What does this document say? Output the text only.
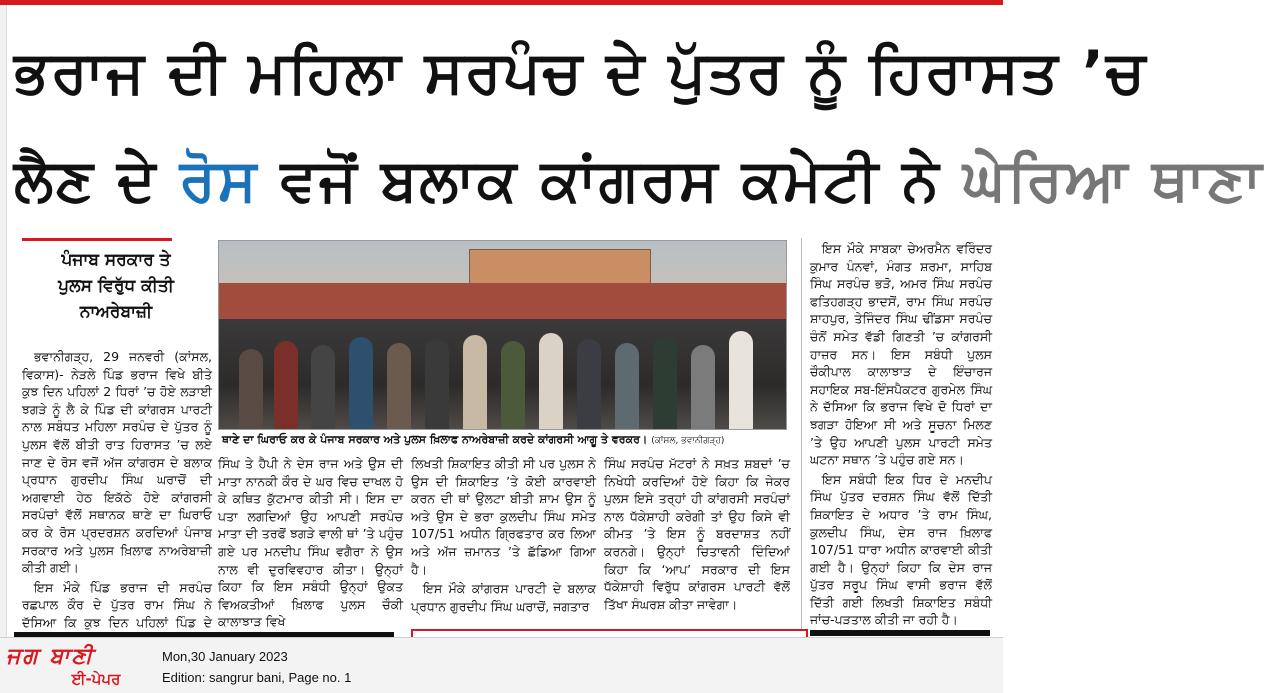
ਭਰਾਜ ਦੀ ਮਹਿਲਾ ਸਰਪੰਚ ਦੇ ਪੁੱਤਰ ਨੂੰ ਹਿਰਾਸਤ ’ਚ
ਲੈਣ ਦੇ ਰੋਸ ਵਜੋਂ ਬਲਾਕ ਕਾਂਗਰਸ ਕਮੇਟੀ ਨੇ ਘੇਰਿਆ ਥਾਣਾ
ਪੰਜਾਬ ਸਰਕਾਰ ਤੇ
ਪੁਲਸ ਵਿਰੁੱਧ ਕੀਤੀ
ਨਾਅਰੇਬਾਜ਼ੀ
ਥਾਣੇ ਦਾ ਘਿਰਾਓ ਕਰ ਕੇ ਪੰਜਾਬ ਸਰਕਾਰ ਅਤੇ ਪੁਲਸ ਖ਼ਿਲਾਫ ਨਾਅਰੇਬਾਜ਼ੀ ਕਰਦੇ ਕਾਂਗਰਸੀ ਆਗੂ ਤੇ ਵਰਕਰ। (ਕਾਂਸਲ, ਭਵਾਨੀਗੜ੍ਹ)

ਭਵਾਨੀਗੜ੍ਹ, 29 ਜਨਵਰੀ (ਕਾਂਸਲ, ਵਿਕਾਸ)- ਨੇੜਲੇ ਪਿੰਡ ਭਰਾਜ ਵਿਖੇ ਬੀਤੇ ਕੁਝ ਦਿਨ ਪਹਿਲਾਂ 2 ਧਿਰਾਂ ’ਚ ਹੋਏ ਲੜਾਈ ਝਗੜੇ ਨੂੰ ਲੈ ਕੇ ਪਿੰਡ ਦੀ ਕਾਂਗਰਸ ਪਾਰਟੀ ਨਾਲ ਸਬੰਧਤ ਮਹਿਲਾ ਸਰਪੰਚ ਦੇ ਪੁੱਤਰ ਨੂੰ ਪੁਲਸ ਵੱਲੋਂ ਬੀਤੀ ਰਾਤ ਹਿਰਾਸਤ ’ਚ ਲਏ ਜਾਣ ਦੇ ਰੋਸ ਵਜੋਂ ਅੱਜ ਕਾਂਗਰਸ ਦੇ ਬਲਾਕ ਪ੍ਰਧਾਨ ਗੁਰਦੀਪ ਸਿੰਘ ਘਰਾਚੋਂ ਦੀ ਅਗਵਾਈ ਹੇਠ ਇਕੱਠੇ ਹੋਏ ਕਾਂਗਰਸੀ ਸਰਪੰਚਾਂ ਵੱਲੋਂ ਸਥਾਨਕ ਥਾਣੇ ਦਾ ਘਿਰਾਓ ਕਰ ਕੇ ਰੋਸ ਪ੍ਰਦਰਸ਼ਨ ਕਰਦਿਆਂ ਪੰਜਾਬ ਸਰਕਾਰ ਅਤੇ ਪੁਲਸ ਖ਼ਿਲਾਫ ਨਾਅਰੇਬਾਜ਼ੀ ਕੀਤੀ ਗਈ।

ਇਸ ਮੌਕੇ ਪਿੰਡ ਭਰਾਜ ਦੀ ਸਰਪੰਚ ਰਛਪਾਲ ਕੌਰ ਦੇ ਪੁੱਤਰ ਰਾਮ ਸਿੰਘ ਨੇ ਦੱਸਿਆ ਕਿ ਕੁਝ ਦਿਨ ਪਹਿਲਾਂ ਪਿੰਡ ਦੇ

ਸਿੰਘ ਤੇ ਹੈਪੀ ਨੇ ਦੇਸ ਰਾਜ ਅਤੇ ਉਸ ਦੀ ਮਾਤਾ ਨਾਨਕੀ ਕੌਰ ਦੇ ਘਰ ਵਿਚ ਦਾਖਲ ਹੋ ਕੇ ਕਥਿਤ ਕੁੱਟਮਾਰ ਕੀਤੀ ਸੀ। ਇਸ ਦਾ ਪਤਾ ਲਗਦਿਆਂ ਉਹ ਆਪਣੀ ਸਰਪੰਚ ਮਾਤਾ ਦੀ ਤਰਫੋਂ ਝਗੜੇ ਵਾਲੀ ਥਾਂ ’ਤੇ ਪਹੁੰਚ ਗਏ ਪਰ ਮਨਦੀਪ ਸਿੰਘ ਵਗੈਰਾ ਨੇ ਉਸ ਨਾਲ ਵੀ ਦੁਰਵਿਵਹਾਰ ਕੀਤਾ। ਉਨ੍ਹਾਂ ਕਿਹਾ ਕਿ ਇਸ ਸਬੰਧੀ ਉਨ੍ਹਾਂ ਉਕਤ ਵਿਅਕਤੀਆਂ ਖ਼ਿਲਾਫ ਪੁਲਸ ਚੌਕੀ ਕਾਲਾਝਾੜ ਵਿਖੇ

ਲਿਖਤੀ ਸ਼ਿਕਾਇਤ ਕੀਤੀ ਸੀ ਪਰ ਪੁਲਸ ਨੇ ਉਸ ਦੀ ਸ਼ਿਕਾਇਤ ’ਤੇ ਕੋਈ ਕਾਰਵਾਈ ਕਰਨ ਦੀ ਥਾਂ ਉਲਟਾ ਬੀਤੀ ਸ਼ਾਮ ਉਸ ਨੂੰ ਅਤੇ ਉਸ ਦੇ ਭਰਾ ਕੁਲਦੀਪ ਸਿੰਘ ਸਮੇਤ 107/51 ਅਧੀਨ ਗ੍ਰਿਫਤਾਰ ਕਰ ਲਿਆ ਅਤੇ ਅੱਜ ਜ਼ਮਾਨਤ ’ਤੇ ਛੱਡਿਆ ਗਿਆ ਹੈ।

ਇਸ ਮੌਕੇ ਕਾਂਗਰਸ ਪਾਰਟੀ ਦੇ ਬਲਾਕ ਪ੍ਰਧਾਨ ਗੁਰਦੀਪ ਸਿੰਘ ਘਰਾਚੋਂ, ਜਗਤਾਰ

ਸਿੰਘ ਸਰਪੰਚ ਮੱਟਰਾਂ ਨੇ ਸਖ਼ਤ ਸ਼ਬਦਾਂ ’ਚ ਨਿਖੇਧੀ ਕਰਦਿਆਂ ਹੋਏ ਕਿਹਾ ਕਿ ਜੇਕਰ ਪੁਲਸ ਇਸੇ ਤਰ੍ਹਾਂ ਹੀ ਕਾਂਗਰਸੀ ਸਰਪੰਚਾਂ ਨਾਲ ਧੱਕੇਸ਼ਾਹੀ ਕਰੇਗੀ ਤਾਂ ਉਹ ਕਿਸੇ ਵੀ ਕੀਮਤ ’ਤੇ ਇਸ ਨੂੰ ਬਰਦਾਸ਼ਤ ਨਹੀਂ ਕਰਨਗੇ। ਉਨ੍ਹਾਂ ਚਿਤਾਵਨੀ ਦਿੰਦਿਆਂ ਕਿਹਾ ਕਿ ‘ਆਪ’ ਸਰਕਾਰ ਦੀ ਇਸ ਧੱਕੇਸ਼ਾਹੀ ਵਿਰੁੱਧ ਕਾਂਗਰਸ ਪਾਰਟੀ ਵੱਲੋਂ ਤਿੱਖਾ ਸੰਘਰਸ਼ ਕੀਤਾ ਜਾਵੇਗਾ।

ਇਸ ਮੌਕੇ ਸਾਬਕਾ ਚੇਅਰਮੈਨ ਵਰਿੰਦਰ ਕੁਮਾਰ ਪੰਨਵਾਂ, ਮੰਗਤ ਸ਼ਰਮਾ, ਸਾਹਿਬ ਸਿੰਘ ਸਰਪੰਚ ਭੜੋ, ਅਮਰ ਸਿੰਘ ਸਰਪੰਚ ਫਤਿਹਗੜ੍ਹ ਭਾਦਸੋਂ, ਰਾਮ ਸਿੰਘ ਸਰਪੰਚ ਸ਼ਾਹਪੁਰ, ਤੇਜਿੰਦਰ ਸਿੰਘ ਢੀਂਡਸਾ ਸਰਪੰਚ ਚੰਨੋਂ ਸਮੇਤ ਵੱਡੀ ਗਿਣਤੀ ’ਚ ਕਾਂਗਰਸੀ ਹਾਜ਼ਰ ਸਨ। ਇਸ ਸਬੰਧੀ ਪੁਲਸ ਚੌਕੀਪਾਲ ਕਾਲਾਝਾੜ ਦੇ ਇੰਚਾਰਜ ਸਹਾਇਕ ਸਬ-ਇੰਸਪੈਕਟਰ ਗੁਰਮੇਲ ਸਿੰਘ ਨੇ ਦੱਸਿਆ ਕਿ ਭਰਾਜ ਵਿਖੇ ਦੋ ਧਿਰਾਂ ਦਾ ਝਗੜਾ ਹੋਇਆ ਸੀ ਅਤੇ ਸੂਚਨਾ ਮਿਲਣ ’ਤੇ ਉਹ ਆਪਣੀ ਪੁਲਸ ਪਾਰਟੀ ਸਮੇਤ ਘਟਨਾ ਸਥਾਨ ’ਤੇ ਪਹੁੰਚ ਗਏ ਸਨ।

ਇਸ ਸਬੰਧੀ ਇਕ ਧਿਰ ਦੇ ਮਨਦੀਪ ਸਿੰਘ ਪੁੱਤਰ ਦਰਸ਼ਨ ਸਿੰਘ ਵੱਲੋਂ ਦਿੱਤੀ ਸ਼ਿਕਾਇਤ ਦੇ ਅਧਾਰ ’ਤੇ ਰਾਮ ਸਿੰਘ, ਕੁਲਦੀਪ ਸਿੰਘ, ਦੇਸ ਰਾਜ ਖ਼ਿਲਾਫ 107/51 ਧਾਰਾ ਅਧੀਨ ਕਾਰਵਾਈ ਕੀਤੀ ਗਈ ਹੈ। ਉਨ੍ਹਾਂ ਕਿਹਾ ਕਿ ਦੇਸ ਰਾਜ ਪੁੱਤਰ ਸਰੂਪ ਸਿੰਘ ਵਾਸੀ ਭਰਾਜ ਵੱਲੋਂ ਦਿੱਤੀ ਗਈ ਲਿਖਤੀ ਸ਼ਿਕਾਇਤ ਸਬੰਧੀ ਜਾਂਚ-ਪੜਤਾਲ ਕੀਤੀ ਜਾ ਰਹੀ ਹੈ।

ਜਗ ਬਾਣੀ
ਈ-ਪੇਪਰ
Mon,30 January 2023
Edition: sangrur bani, Page no. 1
